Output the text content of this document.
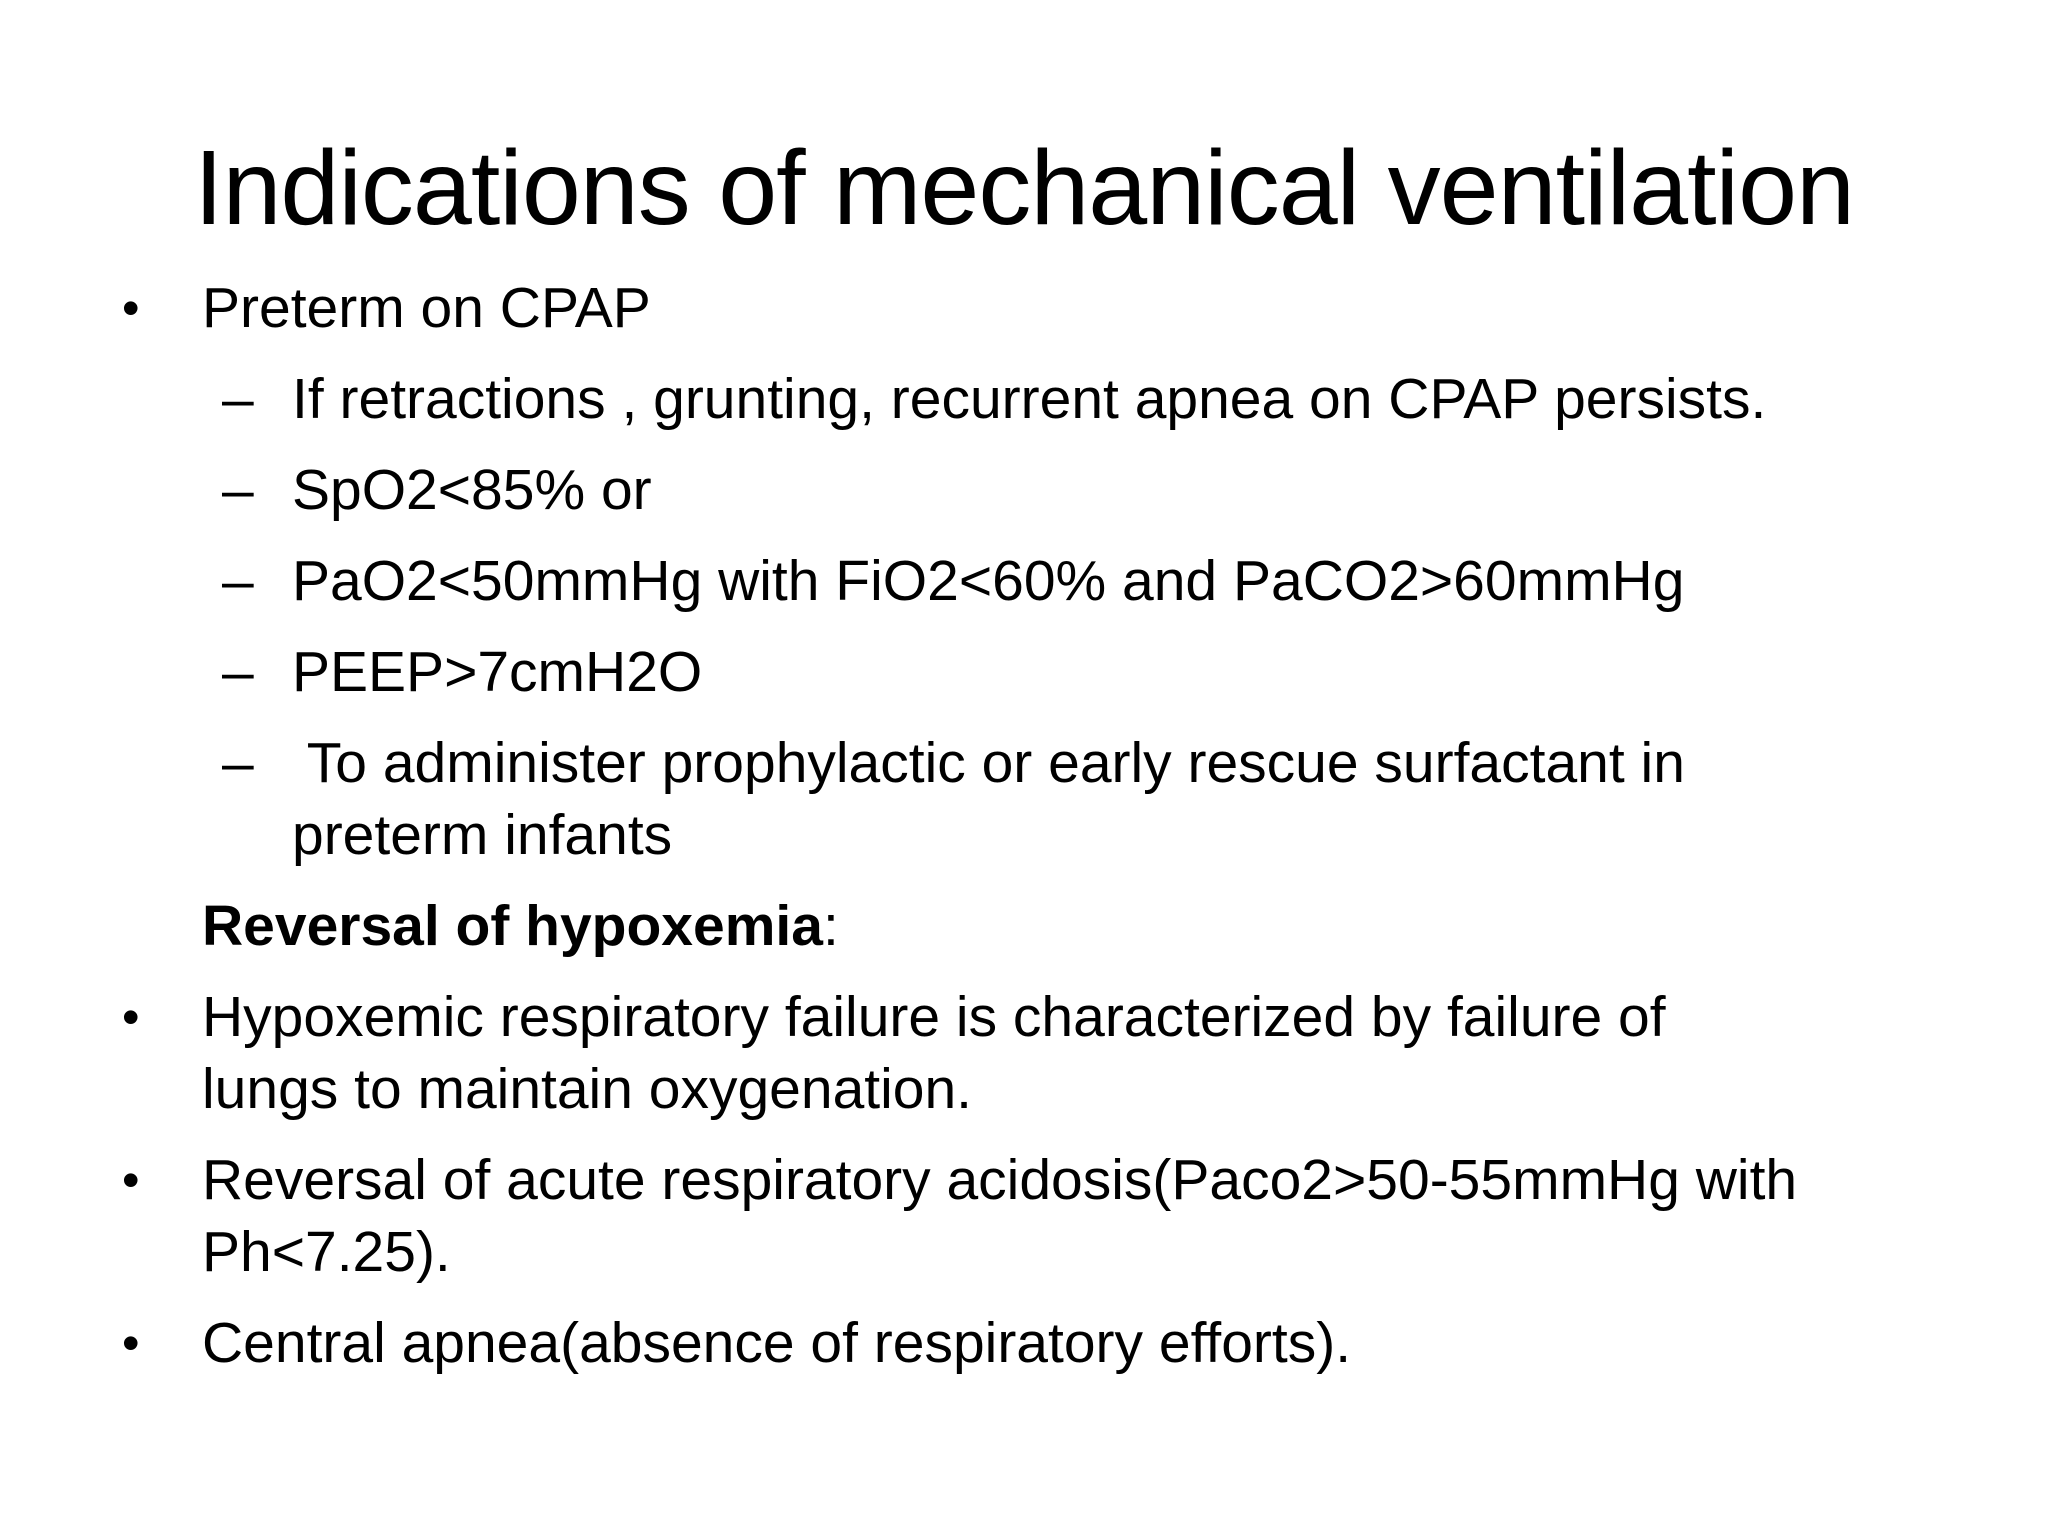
Indications of mechanical ventilation
•	Preterm on CPAP
– If retractions , grunting, recurrent apnea on CPAP persists.
– SpO2<85% or
– PaO2<50mmHg with FiO2<60% and PaCO2>60mmHg
– PEEP>7cmH2O
– To administer prophylactic or early rescue surfactant in
preterm infants
Reversal of hypoxemia:
•	Hypoxemic respiratory failure is characterized by failure of
lungs to maintain oxygenation.
•	Reversal of acute respiratory acidosis(Paco2>50-55mmHg with
Ph<7.25).
•	Central apnea(absence of respiratory efforts).
